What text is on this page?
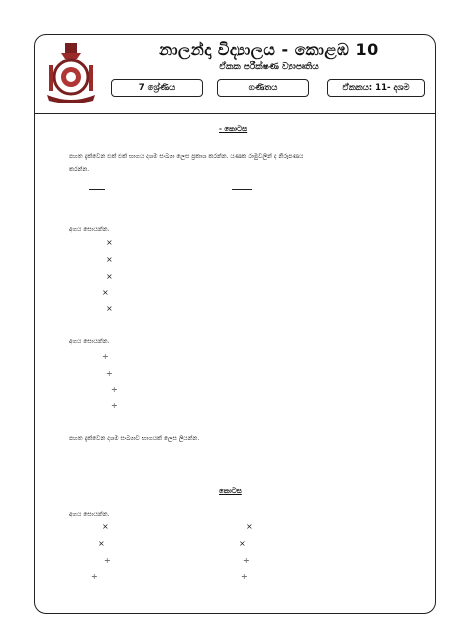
නාලන්දා විද්‍යාලය - කොළඹ 10
ඒකක පරීක්ෂණ ව්‍යාපෘතිය
7 ශ්‍රේණිය	ගණිතය	ඒකකය: 11- දශම
- කොටස
පහත දැක්වෙන එක් එක් භාගය දශම සංඛ්‍යා ලෙස ප්‍රකාශ කරන්න. යණක රාමුවලින් ද නිරූපණය
කරන්න.
අගය සොයන්න.
×
×
×
×
×
අගය සොයන්න.
÷
÷
÷
÷
පහත දැක්වෙන දශම සංඛ්‍යාව භාගයක් ලෙස ලියන්න.
කොටස
අගය සොයන්න.
×
×
÷
÷
×
×
÷
÷
